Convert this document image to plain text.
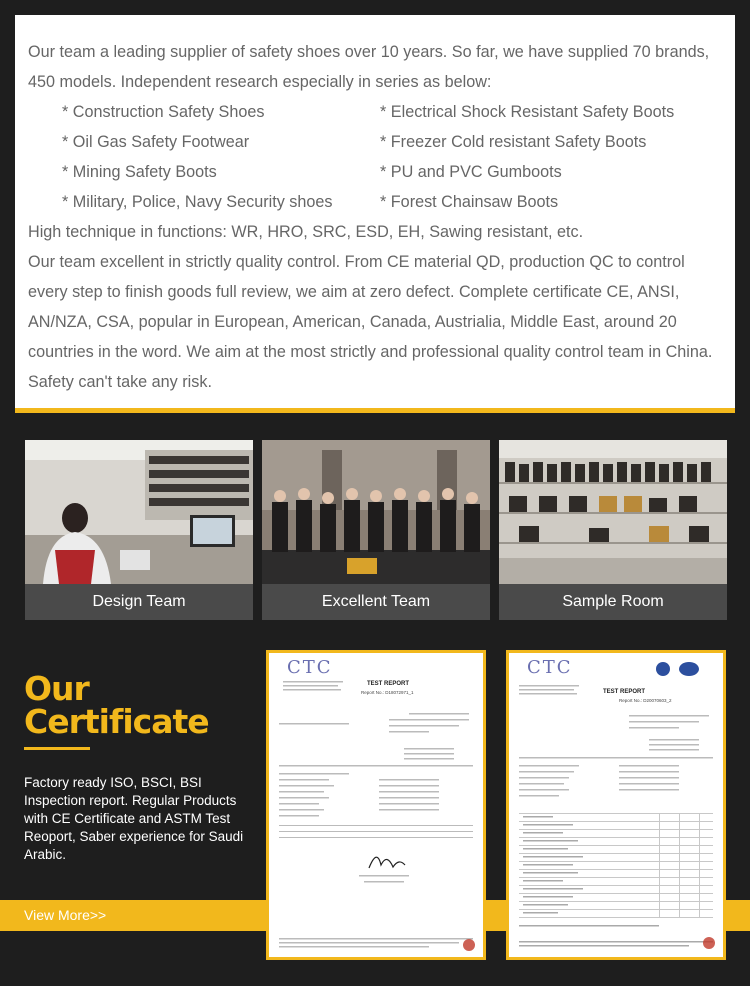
Our team a leading supplier of safety shoes over 10 years. So far, we have supplied 70 brands, 450 models. Independent research especially in series as below:

* Construction Safety Shoes	* Electrical Shock Resistant Safety Boots
* Oil Gas Safety Footwear	* Freezer Cold resistant Safety Boots
* Mining Safety Boots	* PU and PVC Gumboots
* Military, Police, Navy Security shoes	* Forest Chainsaw Boots

High technique in functions: WR, HRO, SRC, ESD, EH, Sawing resistant, etc.

Our team excellent in strictly quality control. From CE material QD, production QC to control every step to finish goods full review, we aim at zero defect. Complete certificate CE, ANSI, AN/NZA, CSA, popular in European, American, Canada, Austrialia, Middle East, around 20 countries in the word. We aim at the most strictly and professional quality control team in China.

Safety can't take any risk.

Design Team	Excellent Team	Sample Room
Our
Certificate

Factory ready ISO, BSCI, BSI Inspection report. Regular Products with CE Certificate and ASTM Test Reoport, Saber experience for Saudi Arabic.

View More>>
CTC
TEST REPORT
Report No.: D18072971_1
CTC
TEST REPORT
Report No.: D20070603_2
